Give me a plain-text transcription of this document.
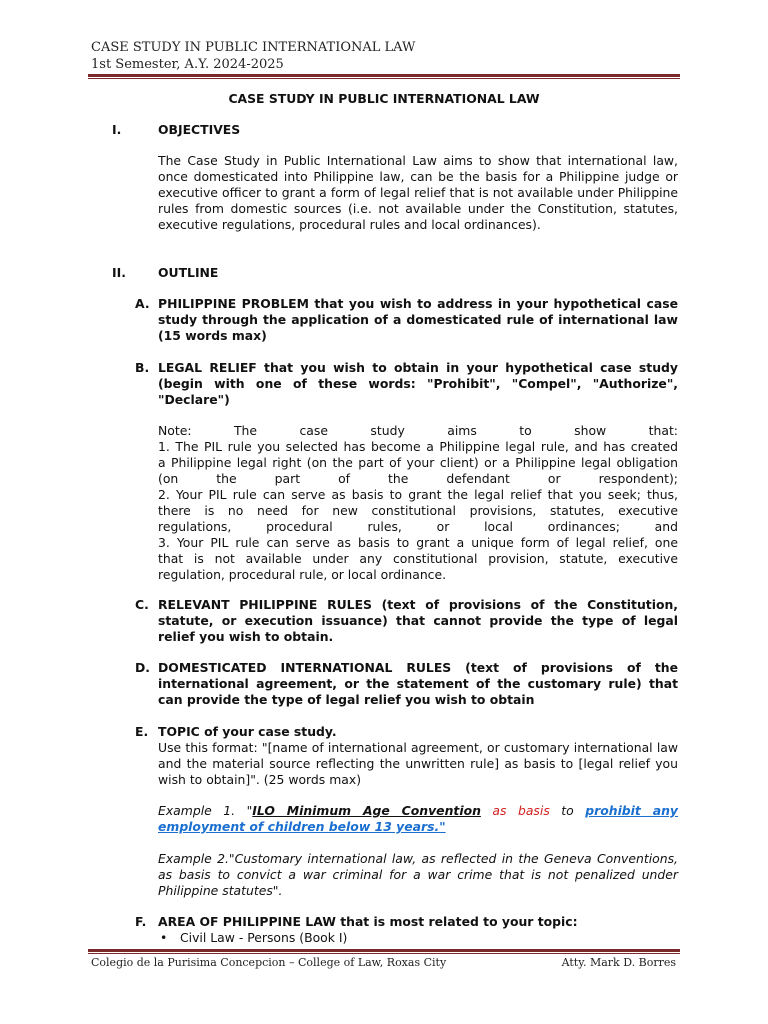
CASE STUDY IN PUBLIC INTERNATIONAL LAW
1st Semester, A.Y. 2024-2025
CASE STUDY IN PUBLIC INTERNATIONAL LAW
I.	OBJECTIVES
The Case Study in Public International Law aims to show that international law, once domesticated into Philippine law, can be the basis for a Philippine judge or executive officer to grant a form of legal relief that is not available under Philippine rules from domestic sources (i.e. not available under the Constitution, statutes, executive regulations, procedural rules and local ordinances).
II.	OUTLINE
A. PHILIPPINE PROBLEM that you wish to address in your hypothetical case study through the application of a domesticated rule of international law (15 words max)
B. LEGAL RELIEF that you wish to obtain in your hypothetical case study (begin with one of these words: "Prohibit", "Compel", "Authorize", "Declare")
Note: The case study aims to show that:
1. The PIL rule you selected has become a Philippine legal rule, and has created
a Philippine legal right (on the part of your client) or a Philippine legal obligation
(on the part of the defendant or respondent);
2. Your PIL rule can serve as basis to grant the legal relief that you seek; thus,
there is no need for new constitutional provisions, statutes, executive
regulations, procedural rules, or local ordinances; and
3. Your PIL rule can serve as basis to grant a unique form of legal relief, one
that is not available under any constitutional provision, statute, executive
regulation, procedural rule, or local ordinance.
C. RELEVANT PHILIPPINE RULES (text of provisions of the Constitution, statute, or execution issuance) that cannot provide the type of legal relief you wish to obtain.
D. DOMESTICATED INTERNATIONAL RULES (text of provisions of the international agreement, or the statement of the customary rule) that can provide the type of legal relief you wish to obtain
E. TOPIC of your case study.
Use this format: "[name of international agreement, or customary international law and the material source reflecting the unwritten rule] as basis to [legal relief you wish to obtain]". (25 words max)
Example 1. "ILO Minimum Age Convention as basis to prohibit any employment of children below 13 years."
Example 2."Customary international law, as reflected in the Geneva Conventions, as basis to convict a war criminal for a war crime that is not penalized under Philippine statutes".
F. AREA OF PHILIPPINE LAW that is most related to your topic:
• Civil Law - Persons (Book I)
Colegio de la Purisima Concepcion – College of Law, Roxas City	Atty. Mark D. Borres
